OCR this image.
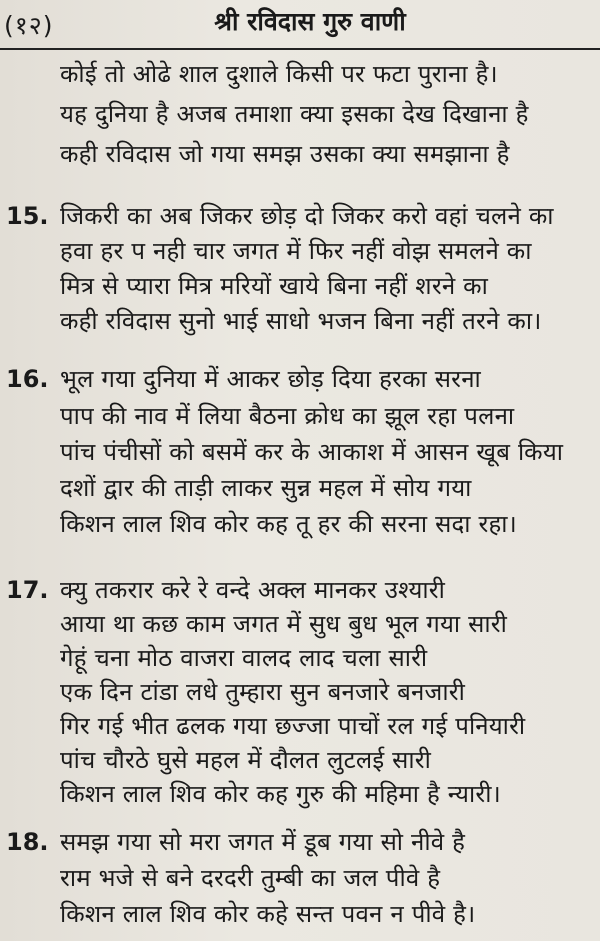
(१२)	श्री रविदास गुरु वाणी
कोई तो ओढे शाल दुशाले किसी पर फटा पुराना है।
यह दुनिया है अजब तमाशा क्या इसका देख दिखाना है
कही रविदास जो गया समझ उसका क्या समझाना है
15. जिकरी का अब जिकर छोड़ दो जिकर करो वहां चलने का
हवा हर प नही चार जगत में फिर नहीं वोझ समलने का
मित्र से प्यारा मित्र मरियों खाये बिना नहीं शरने का
कही रविदास सुनो भाई साधो भजन बिना नहीं तरने का।
16. भूल गया दुनिया में आकर छोड़ दिया हरका सरना
पाप की नाव में लिया बैठना क्रोध का झूल रहा पलना
पांच पंचीसों को बसमें कर के आकाश में आसन खूब किया
दशों द्वार की ताड़ी लाकर सुन्न महल में सोय गया
किशन लाल शिव कोर कह तू हर की सरना सदा रहा।
17. क्यु तकरार करे रे वन्दे अक्ल मानकर उश्यारी
आया था कछ काम जगत में सुध बुध भूल गया सारी
गेहूं चना मोठ वाजरा वालद लाद चला सारी
एक दिन टांडा लधे तुम्हारा सुन बनजारे बनजारी
गिर गई भीत ढलक गया छज्जा पाचों रल गई पनियारी
पांच चौरठे घुसे महल में दौलत लुटलई सारी
किशन लाल शिव कोर कह गुरु की महिमा है न्यारी।
18. समझ गया सो मरा जगत में डूब गया सो नीवे है
राम भजे से बने दरदरी तुम्बी का जल पीवे है
किशन लाल शिव कोर कहे सन्त पवन न पीवे है।
